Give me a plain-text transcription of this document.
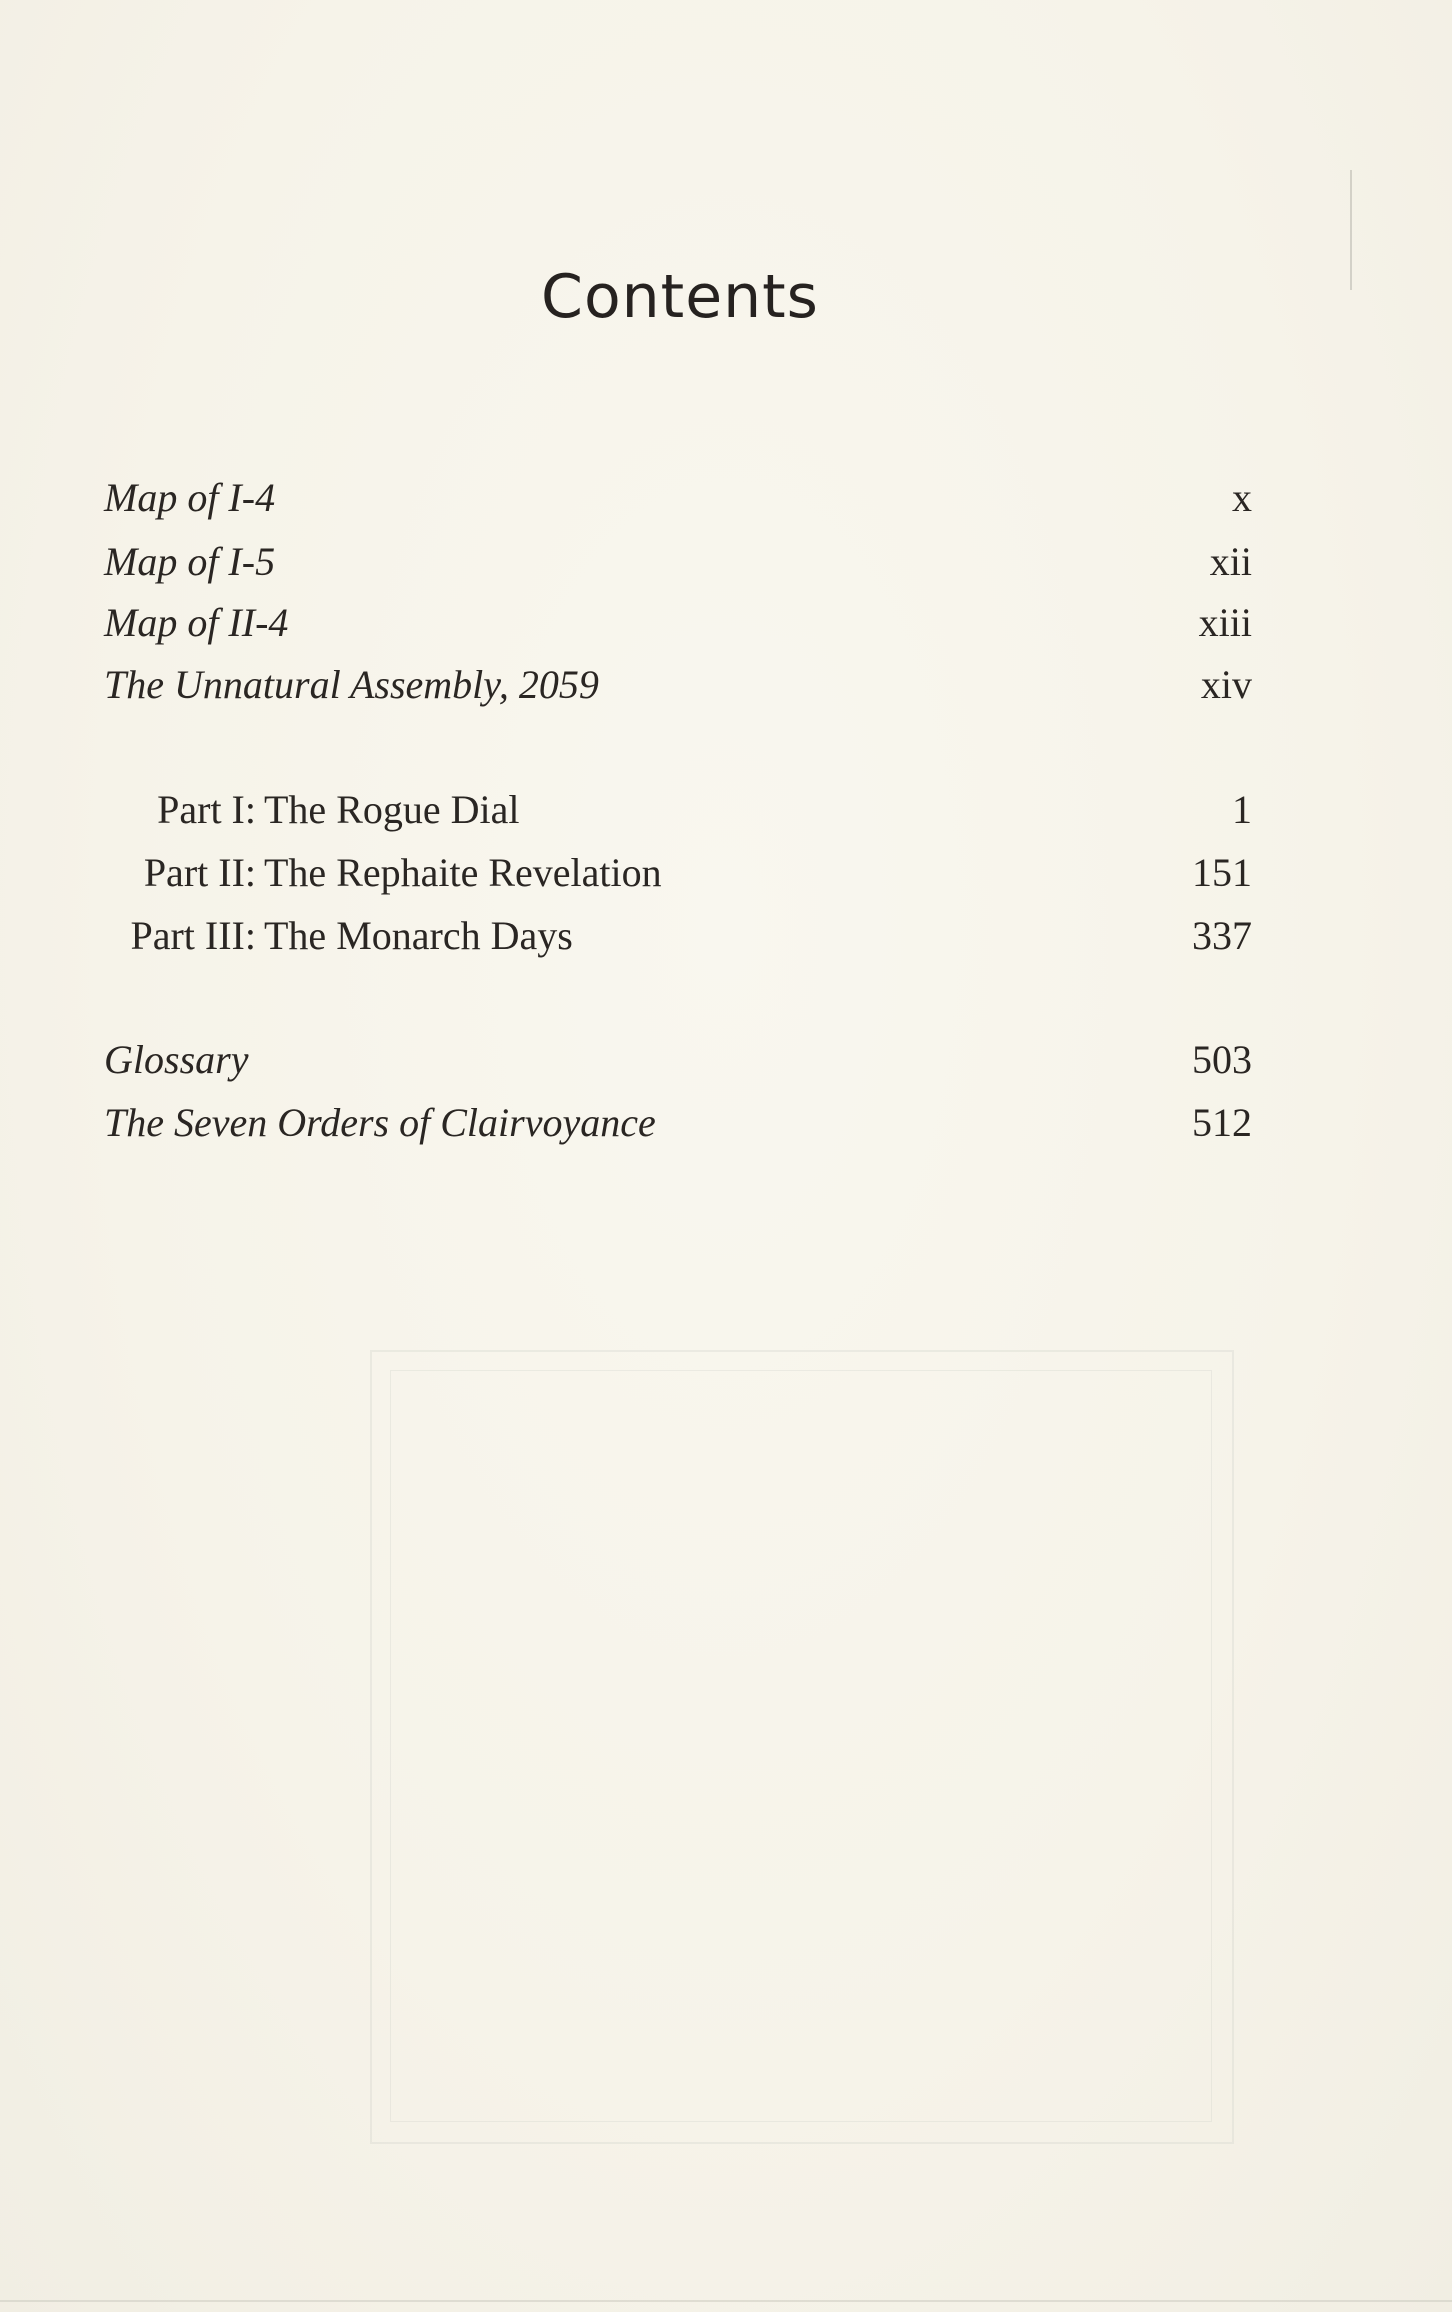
Contents
Map of I-4	x
Map of I-5	xii
Map of II-4	xiii
The Unnatural Assembly, 2059	xiv
Part I: The Rogue Dial	1
Part II: The Rephaite Revelation	151
Part III: The Monarch Days	337
Glossary	503
The Seven Orders of Clairvoyance	512
